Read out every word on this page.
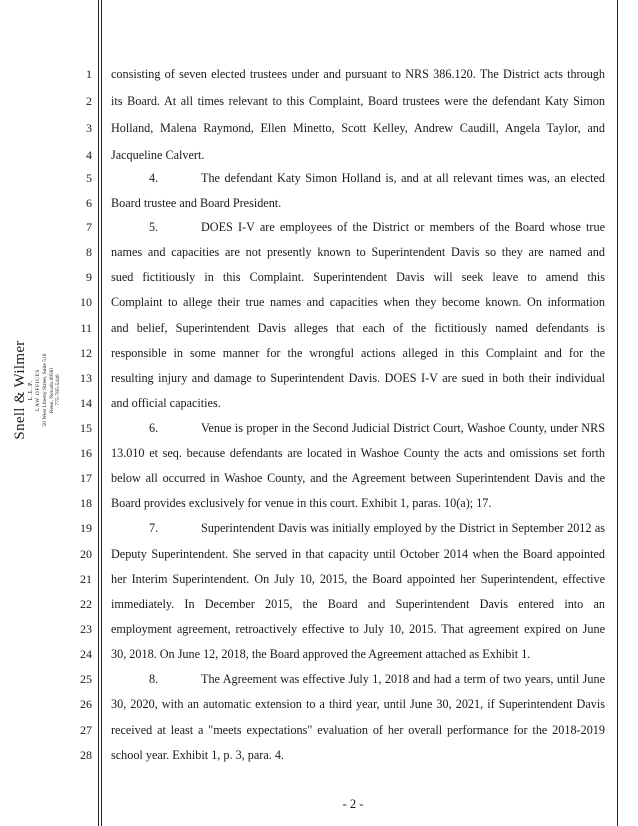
Snell & Wilmer L.L.P. LAW OFFICES 50 West Liberty Street, Suite 510 Reno, Nevada 89501 775-785-5440
1
2
3
4
5
6
7
8
9
10
11
12
13
14
15
16
17
18
19
20
21
22
23
24
25
26
27
28
consisting of seven elected trustees under and pursuant to NRS 386.120. The District acts through
its Board. At all times relevant to this Complaint, Board trustees were the defendant Katy Simon
Holland, Malena Raymond, Ellen Minetto, Scott Kelley, Andrew Caudill, Angela Taylor, and
Jacqueline Calvert.
4.	The defendant Katy Simon Holland is, and at all relevant times was, an elected
Board trustee and Board President.
5.	DOES I-V are employees of the District or members of the Board whose true
names and capacities are not presently known to Superintendent Davis so they are named and
sued fictitiously in this Complaint. Superintendent Davis will seek leave to amend this
Complaint to allege their true names and capacities when they become known. On information
and belief, Superintendent Davis alleges that each of the fictitiously named defendants is
responsible in some manner for the wrongful actions alleged in this Complaint and for the
resulting injury and damage to Superintendent Davis. DOES I-V are sued in both their individual
and official capacities.
6.	Venue is proper in the Second Judicial District Court, Washoe County, under NRS
13.010 et seq. because defendants are located in Washoe County the acts and omissions set forth
below all occurred in Washoe County, and the Agreement between Superintendent Davis and the
Board provides exclusively for venue in this court. Exhibit 1, paras. 10(a); 17.
7.	Superintendent Davis was initially employed by the District in September 2012 as
Deputy Superintendent. She served in that capacity until October 2014 when the Board appointed
her Interim Superintendent. On July 10, 2015, the Board appointed her Superintendent, effective
immediately. In December 2015, the Board and Superintendent Davis entered into an
employment agreement, retroactively effective to July 10, 2015. That agreement expired on June
30, 2018. On June 12, 2018, the Board approved the Agreement attached as Exhibit 1.
8.	The Agreement was effective July 1, 2018 and had a term of two years, until June
30, 2020, with an automatic extension to a third year, until June 30, 2021, if Superintendent Davis
received at least a "meets expectations" evaluation of her overall performance for the 2018-2019
school year. Exhibit 1, p. 3, para. 4.
- 2 -
